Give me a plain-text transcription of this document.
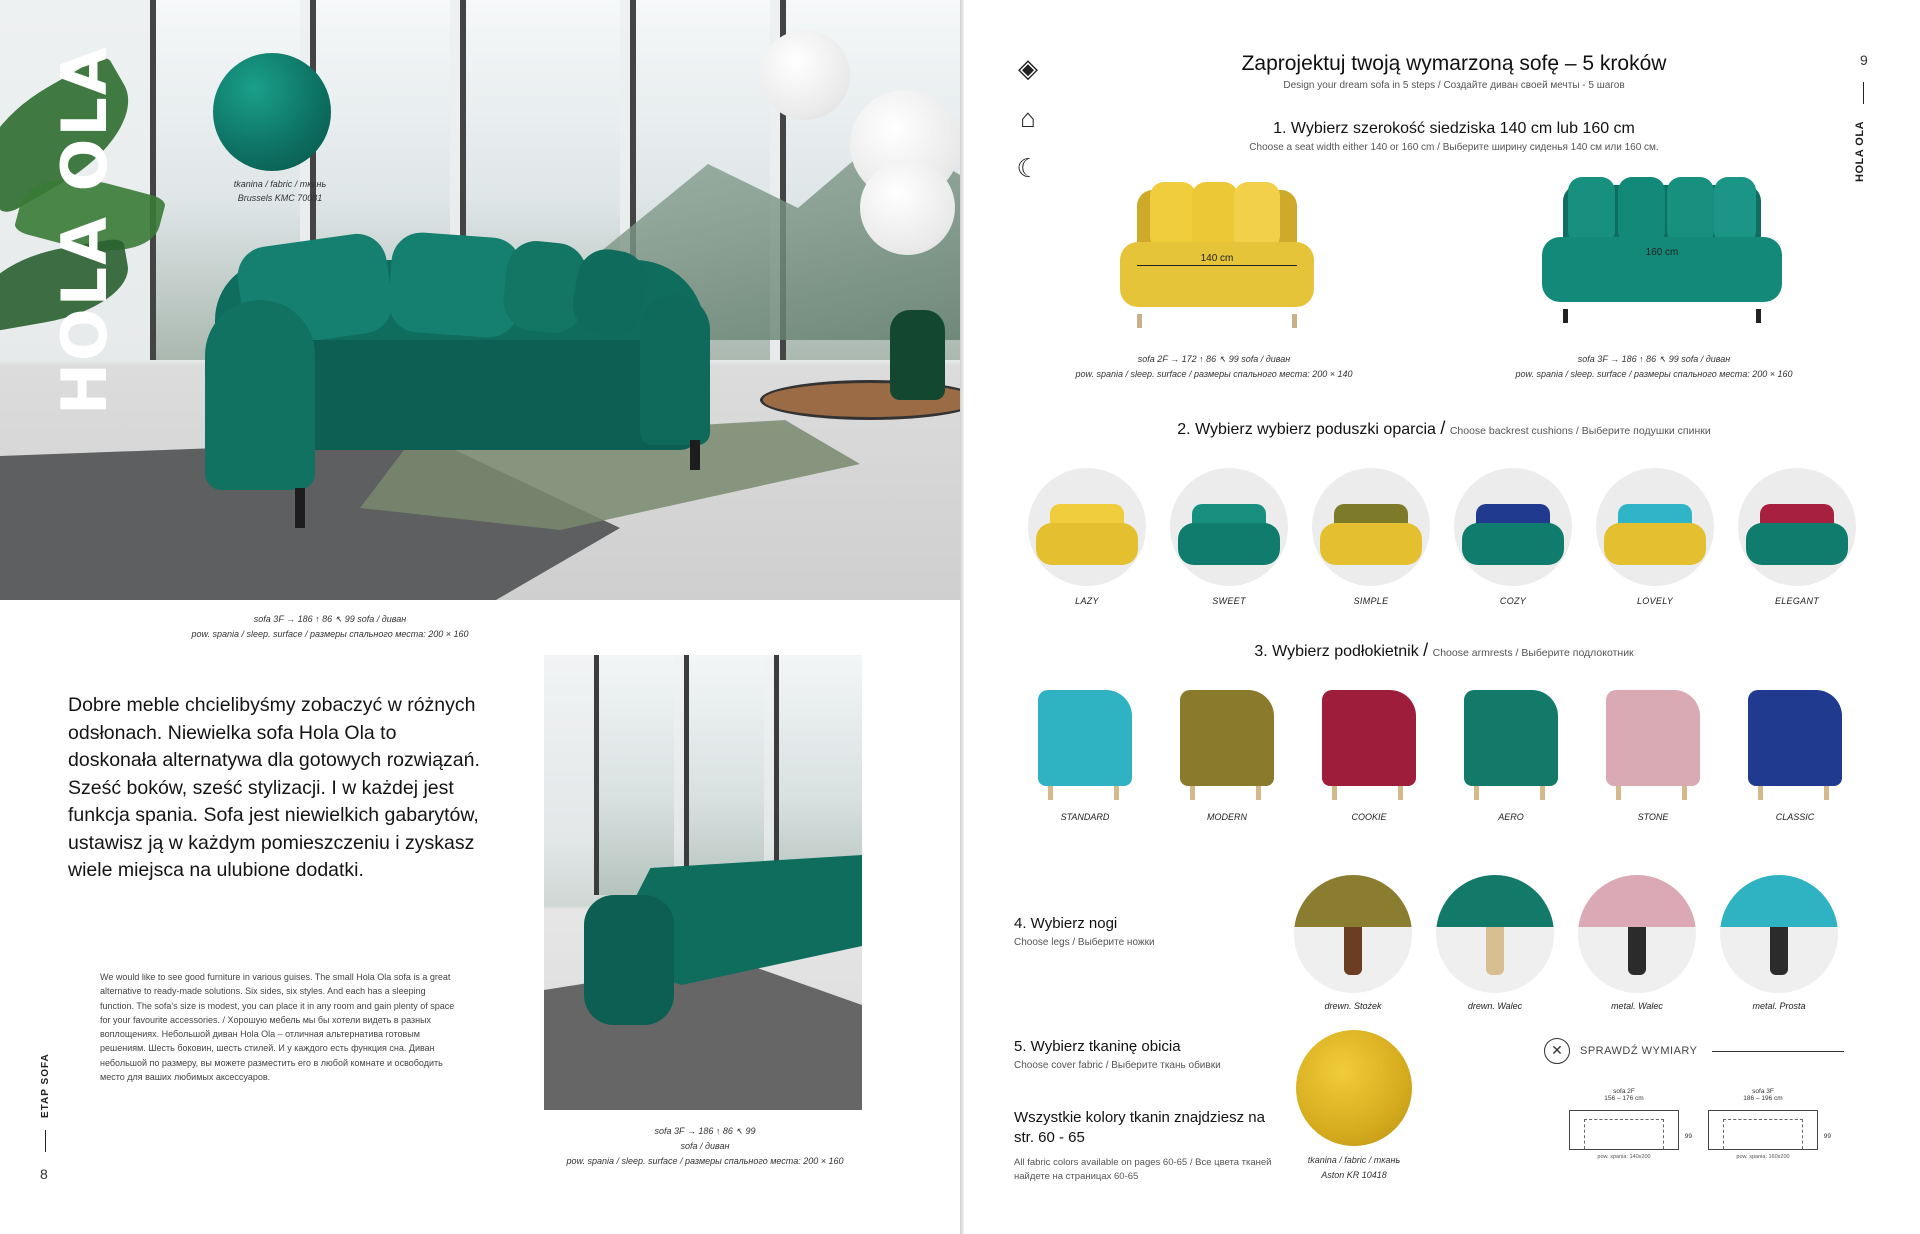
tkanina / fabric / ткань
Brussels KMC 70081
HOLA OLA
sofa 3F → 186 ↑ 86 ↖ 99 sofa / диван
pow. spania / sleep. surface / размеры спального места: 200 × 160

Dobre meble chcielibyśmy zobaczyć w różnych odsłonach. Niewielka sofa Hola Ola to doskonała alternatywa dla gotowych rozwiązań. Sześć boków, sześć stylizacji. I w każdej jest funkcja spania. Sofa jest niewielkich gabarytów, ustawisz ją w każdym pomieszczeniu i zyskasz wiele miejsca na ulubione dodatki.

We would like to see good furniture in various guises. The small Hola Ola sofa is a great alternative to ready-made solutions. Six sides, six styles. And each has a sleeping function. The sofa's size is modest, you can place it in any room and gain plenty of space for your favourite accessories. / Хорошую мебель мы бы хотели видеть в разных воплощениях. Небольшой диван Hola Ola – отличная альтернатива готовым решениям. Шесть боковин, шесть стилей. И у каждого есть функция сна. Диван небольшой по размеру, вы можете разместить его в любой комнате и освободить место для ваших любимых аксессуаров.

sofa 3F → 186 ↑ 86 ↖ 99
sofa / диван
pow. spania / sleep. surface / размеры спального места: 200 × 160
ETAP SOFA
8
◈
⌂
☾
9
HOLA OLA
Zaprojektuj twoją wymarzoną sofę – 5 kroków
Design your dream sofa in 5 steps / Создайте диван своей мечты - 5 шагов
1. Wybierz szerokość siedziska 140 cm lub 160 cm
Choose a seat width either 140 or 160 cm / Выберите ширину сиденья 140 см или 160 см.
140 cm
160 cm
sofa 2F → 172 ↑ 86 ↖ 99 sofa / диван
pow. spania / sleep. surface / размеры спального места: 200 × 140
sofa 3F → 186 ↑ 86 ↖ 99 sofa / диван
pow. spania / sleep. surface / размеры спального места: 200 × 160
2. Wybierz wybierz poduszki oparcia / Choose backrest cushions / Выберите подушки спинки
LAZY	SWEET	SIMPLE	COZY	LOVELY	ELEGANT
3. Wybierz podłokietnik / Choose armrests / Выберите подлокотник
STANDARD	MODERN	COOKIE	AERO	STONE	CLASSIC
4. Wybierz nogi
Choose legs / Выберите ножки
drewn. Stożek	drewn. Walec	metal. Walec	metal. Prosta
5. Wybierz tkaninę obicia
Choose cover fabric / Выберите ткань обивки
Wszystkie kolory tkanin znajdziesz na str. 60 - 65
All fabric colors available on pages 60-65 / Все цвета тканей найдете на страницах 60-65
tkanina / fabric / ткань
Aston KR 10418
✕	SPRAWDŹ WYMIARY
sofa 2F
156 – 176 cm
99
pow. spania: 140x200
sofa 3F
186 – 196 cm
99
pow. spania: 160x200
